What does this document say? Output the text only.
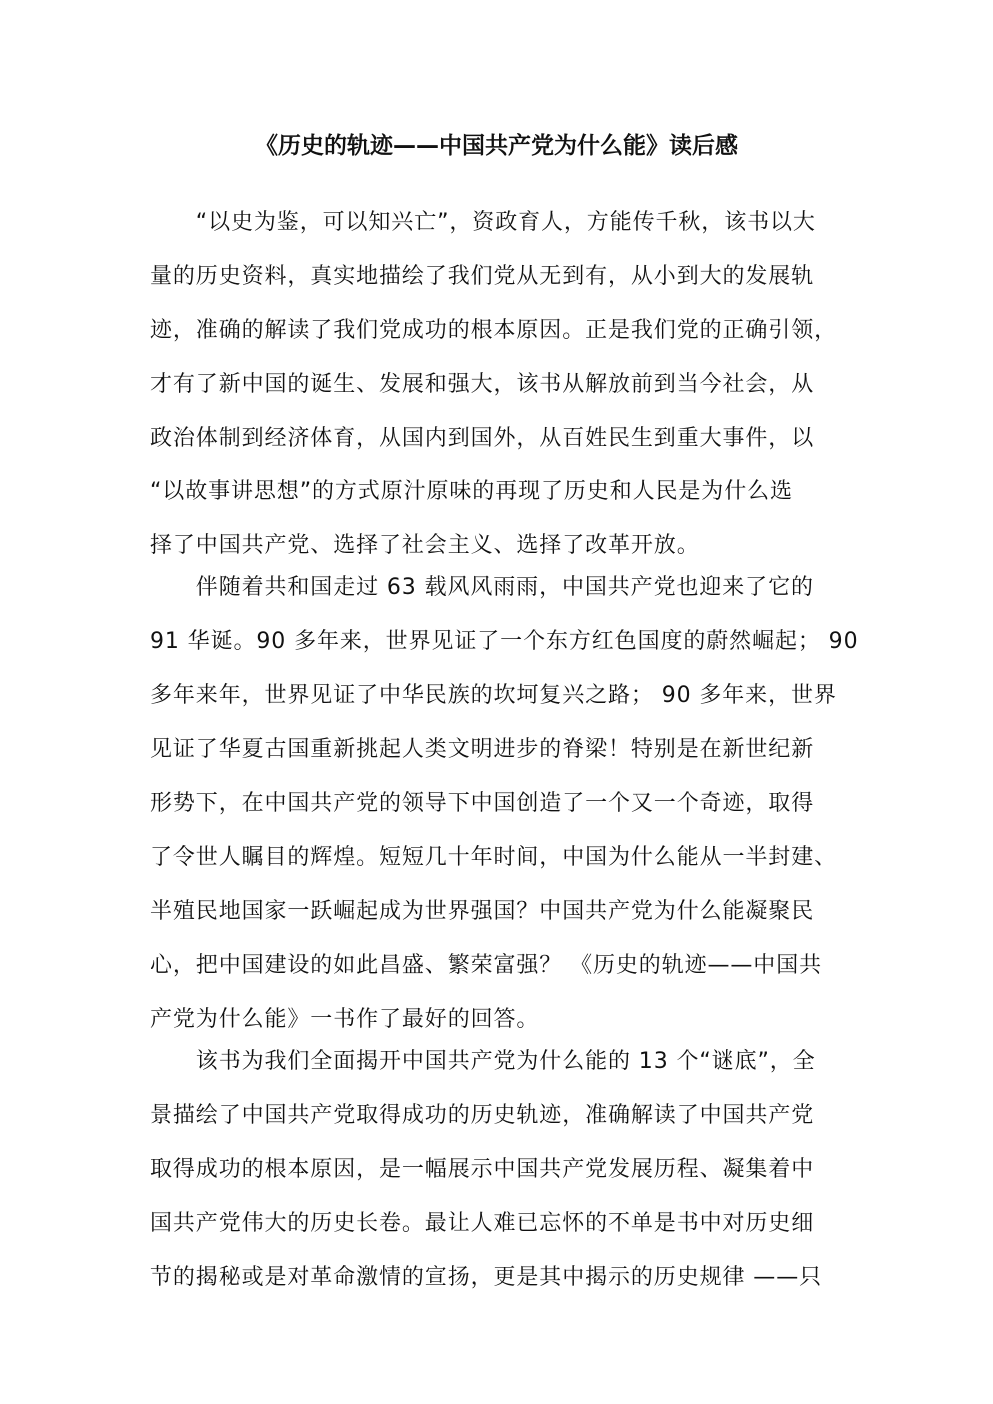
《历史的轨迹——中国共产党为什么能》读后感
　　“以史为鉴，可以知兴亡”，资政育人，方能传千秋，该书以大
量的历史资料，真实地描绘了我们党从无到有，从小到大的发展轨
迹，准确的解读了我们党成功的根本原因。正是我们党的正确引领，
才有了新中国的诞生、发展和强大，该书从解放前到当今社会，从
政治体制到经济体育，从国内到国外，从百姓民生到重大事件，以
“以故事讲思想”的方式原汁原味的再现了历史和人民是为什么选
择了中国共产党、选择了社会主义、选择了改革开放。
　　伴随着共和国走过 63 载风风雨雨，中国共产党也迎来了它的
91 华诞。90 多年来，世界见证了一个东方红色国度的蔚然崛起； 90
多年来年，世界见证了中华民族的坎坷复兴之路； 90 多年来，世界
见证了华夏古国重新挑起人类文明进步的脊梁！特别是在新世纪新
形势下，在中国共产党的领导下中国创造了一个又一个奇迹，取得
了令世人瞩目的辉煌。短短几十年时间，中国为什么能从一半封建、
半殖民地国家一跃崛起成为世界强国？中国共产党为什么能凝聚民
心，把中国建设的如此昌盛、繁荣富强？ 《历史的轨迹——中国共
产党为什么能》一书作了最好的回答。
　　该书为我们全面揭开中国共产党为什么能的 13 个“谜底”，全
景描绘了中国共产党取得成功的历史轨迹，准确解读了中国共产党
取得成功的根本原因，是一幅展示中国共产党发展历程、凝集着中
国共产党伟大的历史长卷。最让人难已忘怀的不单是书中对历史细
节的揭秘或是对革命激情的宣扬，更是其中揭示的历史规律 ——只
